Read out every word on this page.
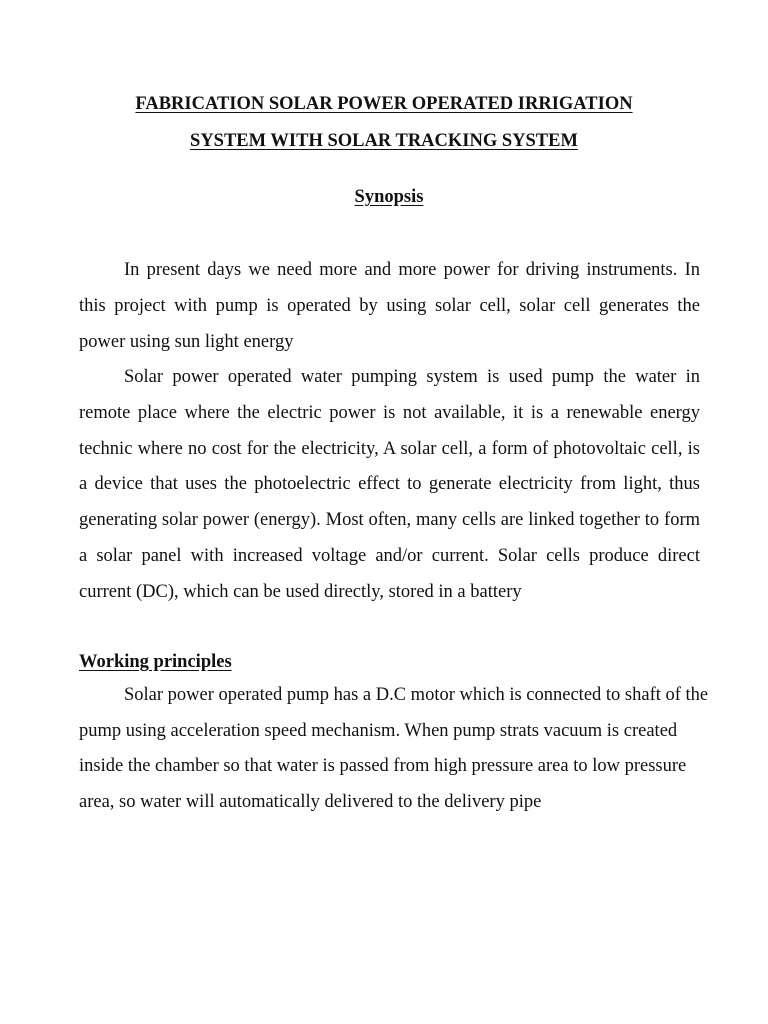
FABRICATION SOLAR POWER OPERATED IRRIGATION
SYSTEM WITH SOLAR TRACKING SYSTEM
Synopsis

In present days we need more and more power for driving instruments. In this project with pump is operated by using solar cell, solar cell generates the power using sun light energy

Solar power operated water pumping system is used pump the water in remote place where the electric power is not available, it is a renewable energy technic where no cost for the electricity, A solar cell, a form of photovoltaic cell, is a device that uses the photoelectric effect to generate electricity from light, thus generating solar power (energy). Most often, many cells are linked together to form a solar panel with increased voltage and/or current. Solar cells produce direct current (DC), which can be used directly, stored in a battery

Working principles

Solar power operated pump has a D.C motor which is connected to shaft of the pump using acceleration speed mechanism. When pump strats vacuum is created inside the chamber so that water is passed from high pressure area to low pressure area, so water will automatically delivered to the delivery pipe
